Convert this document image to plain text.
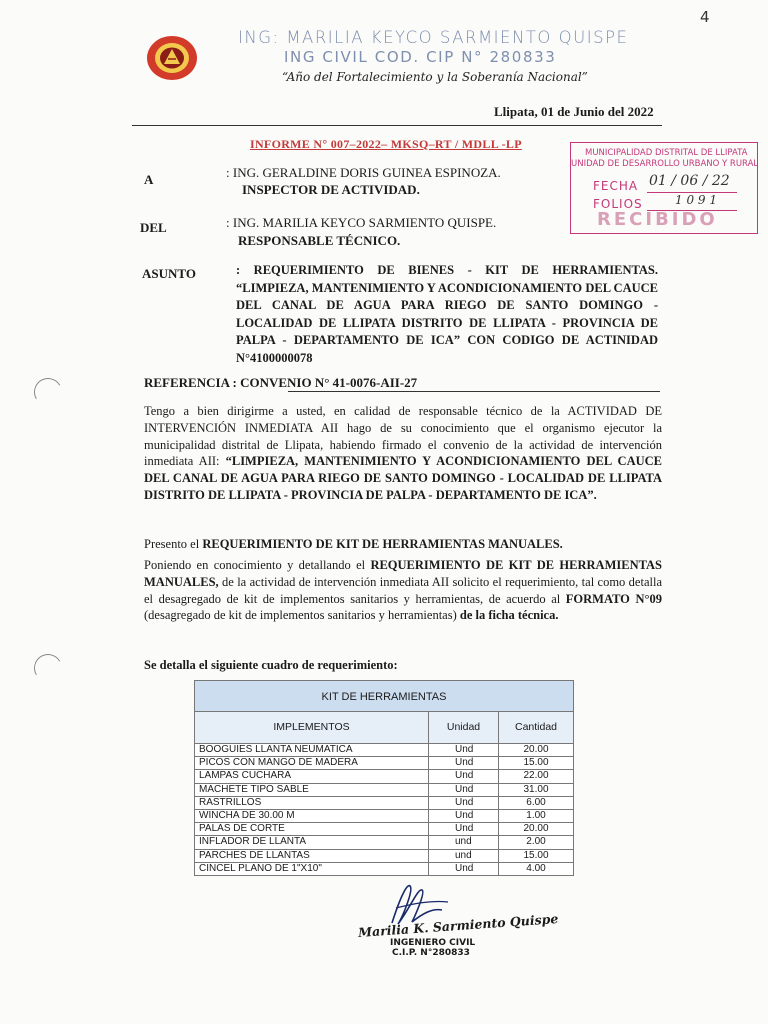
4
ING: MARILIA KEYCO SARMIENTO QUISPE
ING CIVIL COD. CIP N° 280833
“Año del Fortalecimiento y la Soberanía Nacional”
Llipata, 01 de Junio del 2022
INFORME N° 007–2022– MKSQ–RT / MDLL -LP
MUNICIPALIDAD DISTRITAL DE LLIPATA
UNIDAD DE DESARROLLO URBANO Y RURAL
FECHA 01 / 06 / 22
FOLIOS	1 0 9 1
RECIBIDO
A	: ING. GERALDINE DORIS GUINEA ESPINOZA.
INSPECTOR DE ACTIVIDAD.
DEL	: ING. MARILIA KEYCO SARMIENTO QUISPE.
RESPONSABLE TÉCNICO.
ASUNTO	: REQUERIMIENTO DE BIENES - KIT DE HERRAMIENTAS. “LIMPIEZA, MANTENIMIENTO Y ACONDICIONAMIENTO DEL CAUCE DEL CANAL DE AGUA PARA RIEGO DE SANTO DOMINGO - LOCALIDAD DE LLIPATA DISTRITO DE LLIPATA - PROVINCIA DE PALPA - DEPARTAMENTO DE ICA” CON CODIGO DE ACTINIDAD N°4100000078
REFERENCIA : CONVENIO N° 41-0076-AII-27
Tengo a bien dirigirme a usted, en calidad de responsable técnico de la ACTIVIDAD DE INTERVENCIÓN INMEDIATA AII hago de su conocimiento que el organismo ejecutor la municipalidad distrital de Llipata, habiendo firmado el convenio de la actividad de intervención inmediata AII: “LIMPIEZA, MANTENIMIENTO Y ACONDICIONAMIENTO DEL CAUCE DEL CANAL DE AGUA PARA RIEGO DE SANTO DOMINGO - LOCALIDAD DE LLIPATA DISTRITO DE LLIPATA - PROVINCIA DE PALPA - DEPARTAMENTO DE ICA”.
Presento el REQUERIMIENTO DE KIT DE HERRAMIENTAS MANUALES.
Poniendo en conocimiento y detallando el REQUERIMIENTO DE KIT DE HERRAMIENTAS MANUALES, de la actividad de intervención inmediata AII solicito el requerimiento, tal como detalla el desagregado de kit de implementos sanitarios y herramientas, de acuerdo al FORMATO N°09 (desagregado de kit de implementos sanitarios y herramientas) de la ficha técnica.
Se detalla el siguiente cuadro de requerimiento:
KIT DE HERRAMIENTAS
IMPLEMENTOS	Unidad	Cantidad
BOOGUIES LLANTA NEUMATICA	Und	20.00
PICOS CON MANGO DE MADERA	Und	15.00
LAMPAS CUCHARA	Und	22.00
MACHETE TIPO SABLE	Und	31.00
RASTRILLOS	Und	6.00
WINCHA DE 30.00 M	Und	1.00
PALAS DE CORTE	Und	20.00
INFLADOR DE LLANTA	und	2.00
PARCHES DE LLANTAS	und	15.00
CINCEL PLANO DE 1"X10"	Und	4.00
Marilia K. Sarmiento Quispe
INGENIERO CIVIL
C.I.P. N°280833
